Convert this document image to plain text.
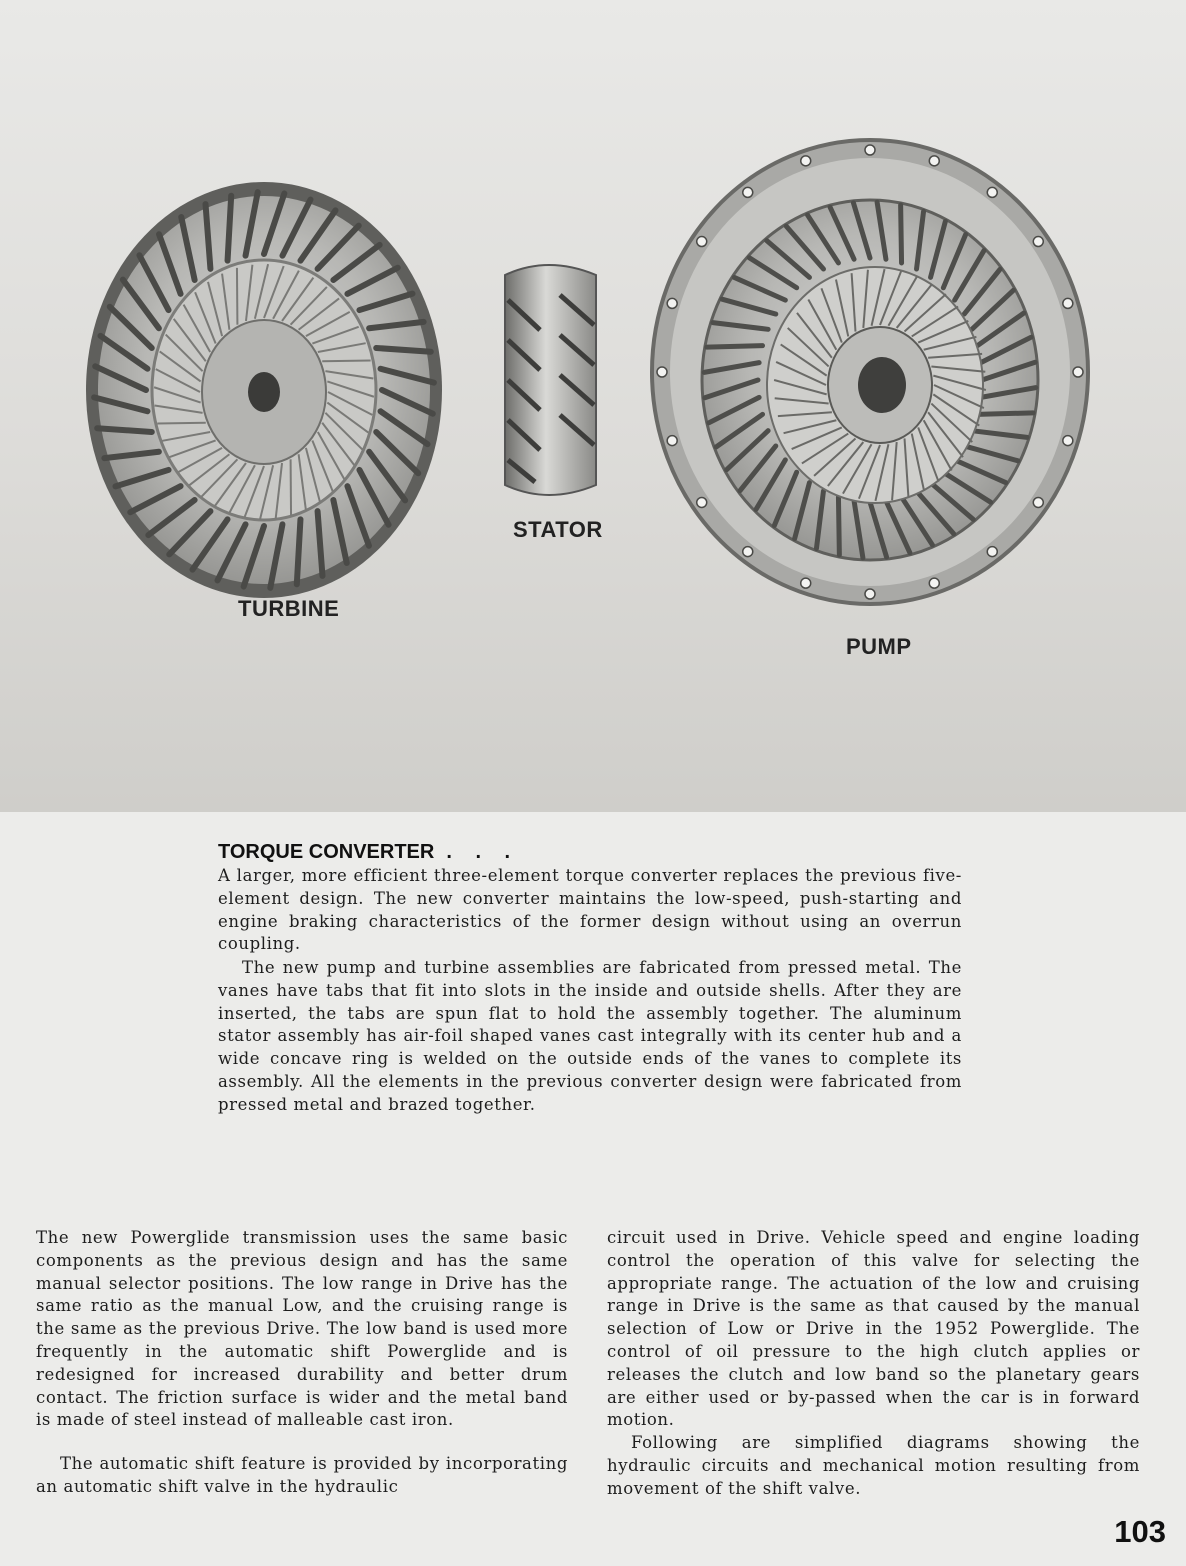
TURBINE
STATOR
PUMP
TORQUE CONVERTER . . .

A larger, more efficient three-element torque converter replaces the previous five-element design. The new converter maintains the low-speed, push-starting and engine braking characteristics of the former design without using an overrun coupling.

The new pump and turbine assemblies are fabricated from pressed metal. The vanes have tabs that fit into slots in the inside and outside shells. After they are inserted, the tabs are spun flat to hold the assembly together. The aluminum stator assembly has air-foil shaped vanes cast integrally with its center hub and a wide concave ring is welded on the outside ends of the vanes to complete its assembly. All the elements in the previous converter design were fabricated from pressed metal and brazed together.

The new Powerglide transmission uses the same basic components as the previous design and has the same manual selector positions. The low range in Drive has the same ratio as the manual Low, and the cruising range is the same as the previous Drive. The low band is used more frequently in the automatic shift Powerglide and is redesigned for increased durability and better drum contact. The friction surface is wider and the metal band is made of steel instead of malleable cast iron.

The automatic shift feature is provided by incorporating an automatic shift valve in the hydraulic

circuit used in Drive. Vehicle speed and engine loading control the operation of this valve for selecting the appropriate range. The actuation of the low and cruising range in Drive is the same as that caused by the manual selection of Low or Drive in the 1952 Powerglide. The control of oil pressure to the high clutch applies or releases the clutch and low band so the planetary gears are either used or by-passed when the car is in forward motion.

Following are simplified diagrams showing the hydraulic circuits and mechanical motion resulting from movement of the shift valve.

103
